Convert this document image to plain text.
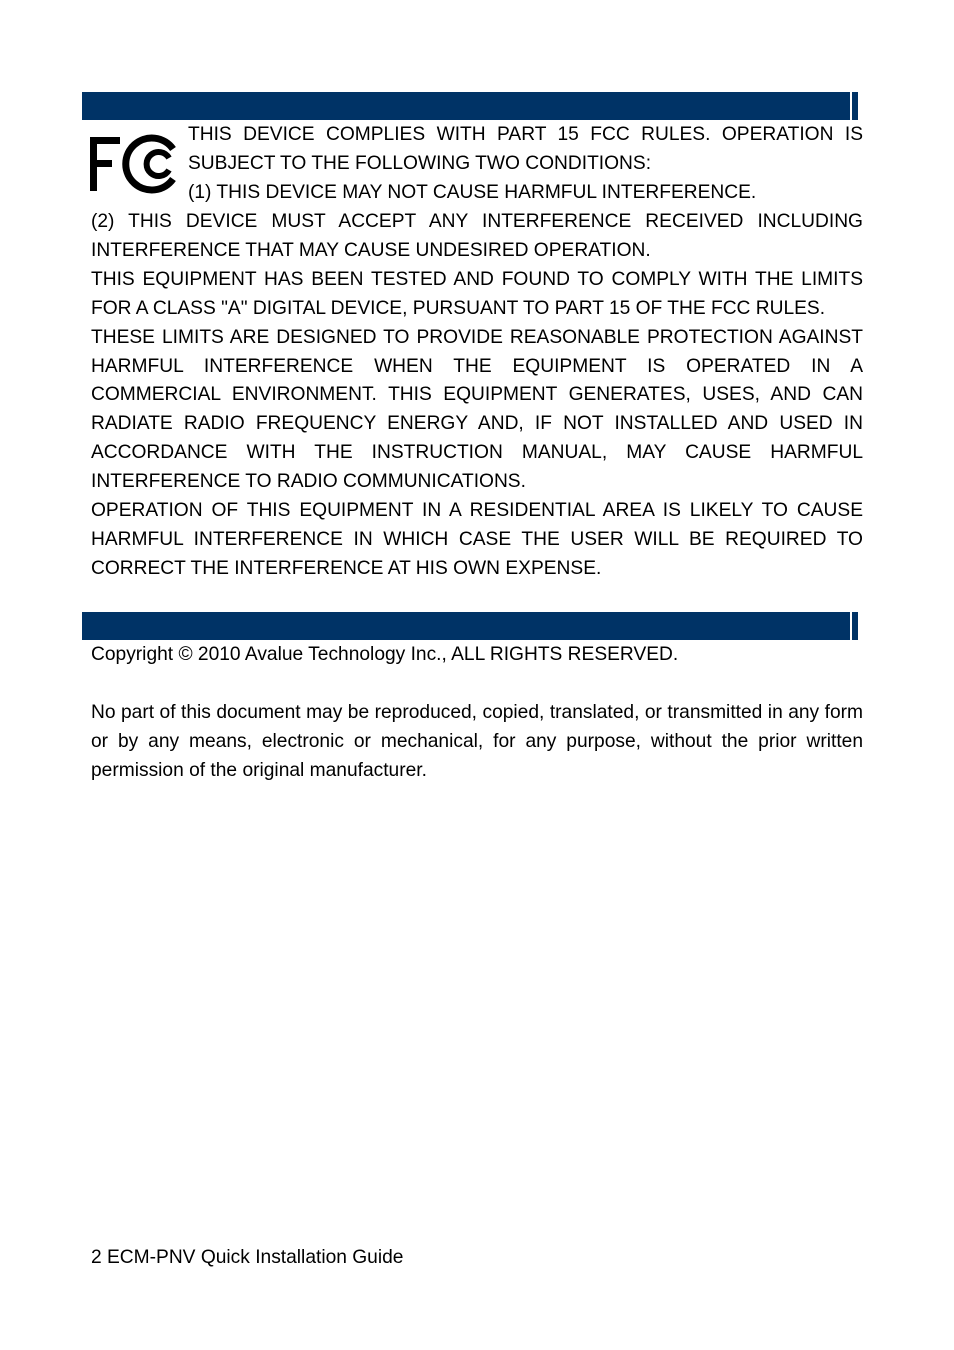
THIS DEVICE COMPLIES WITH PART 15 FCC RULES. OPERATION IS SUBJECT TO THE FOLLOWING TWO CONDITIONS:

(1) THIS DEVICE MAY NOT CAUSE HARMFUL INTERFERENCE.

(2) THIS DEVICE MUST ACCEPT ANY INTERFERENCE RECEIVED INCLUDING INTERFERENCE THAT MAY CAUSE UNDESIRED OPERATION.

THIS EQUIPMENT HAS BEEN TESTED AND FOUND TO COMPLY WITH THE LIMITS FOR A CLASS "A" DIGITAL DEVICE, PURSUANT TO PART 15 OF THE FCC RULES.

THESE LIMITS ARE DESIGNED TO PROVIDE REASONABLE PROTECTION AGAINST HARMFUL INTERFERENCE WHEN THE EQUIPMENT IS OPERATED IN A COMMERCIAL ENVIRONMENT. THIS EQUIPMENT GENERATES, USES, AND CAN RADIATE RADIO FREQUENCY ENERGY AND, IF NOT INSTALLED AND USED IN ACCORDANCE WITH THE INSTRUCTION MANUAL, MAY CAUSE HARMFUL INTERFERENCE TO RADIO COMMUNICATIONS.

OPERATION OF THIS EQUIPMENT IN A RESIDENTIAL AREA IS LIKELY TO CAUSE HARMFUL INTERFERENCE IN WHICH CASE THE USER WILL BE REQUIRED TO CORRECT THE INTERFERENCE AT HIS OWN EXPENSE.

Copyright © 2010 Avalue Technology Inc., ALL RIGHTS RESERVED.

No part of this document may be reproduced, copied, translated, or transmitted in any form or by any means, electronic or mechanical, for any purpose, without the prior written permission of the original manufacturer.

2 ECM-PNV Quick Installation Guide
